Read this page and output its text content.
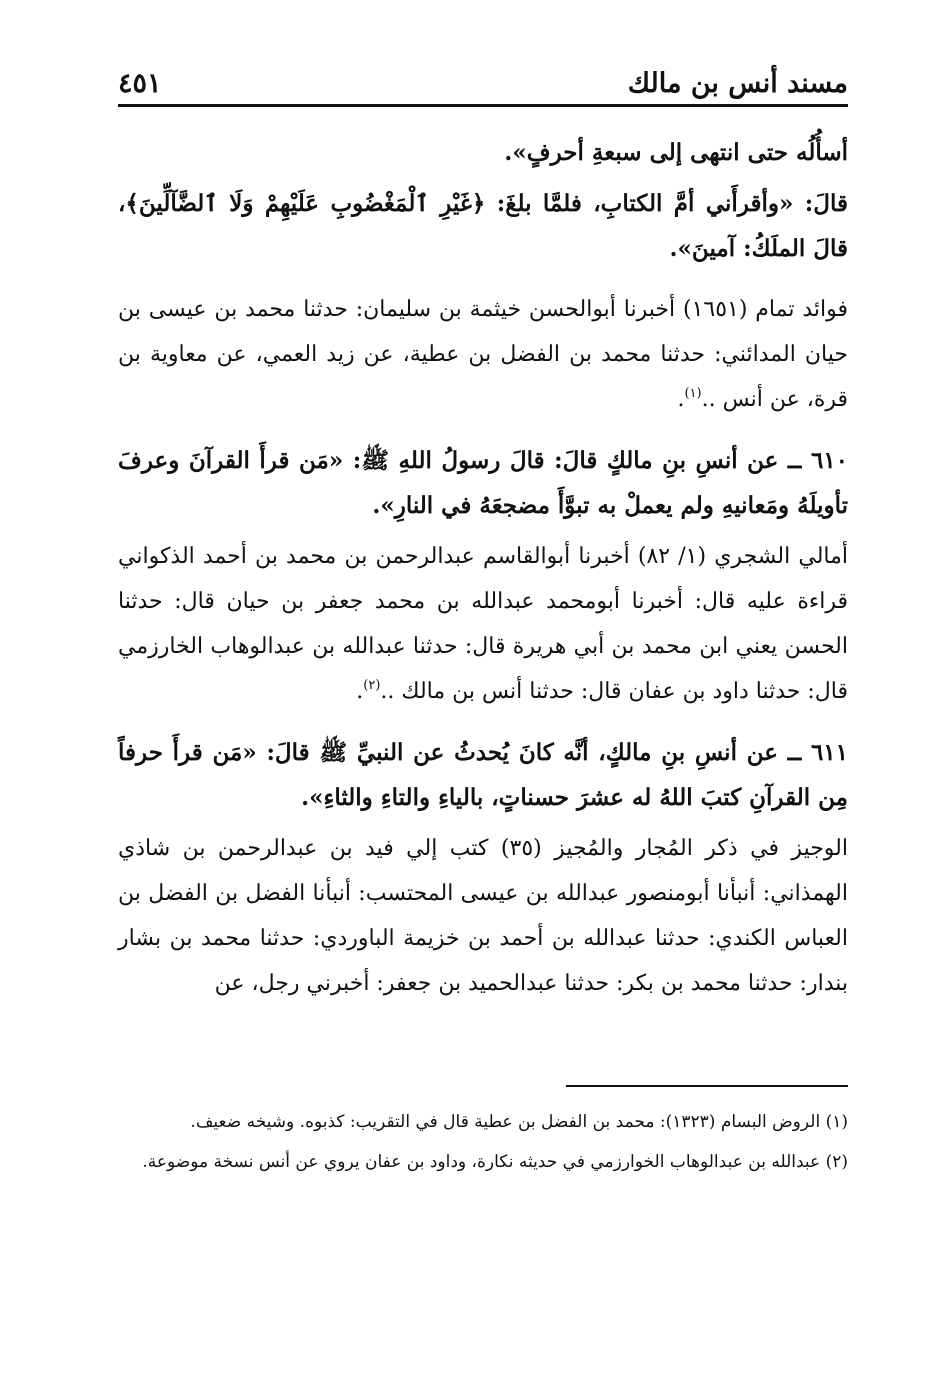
مسند أنس بن مالك
٤٥١

أسأُلُه حتى انتهى إلى سبعةِ أحرفٍ».

قالَ: «وأقرأَني أمَّ الكتابِ، فلمَّا بلغَ: ﴿غَيْرِ ٱلْمَغْضُوبِ عَلَيْهِمْ وَلَا ٱلضَّآلِّينَ﴾، قالَ الملَكُ: آمينَ».

فوائد تمام (١٦٥١) أخبرنا أبوالحسن خيثمة بن سليمان: حدثنا محمد بن عيسى بن حيان المدائني: حدثنا محمد بن الفضل بن عطية، عن زيد العمي، عن معاوية بن قرة، عن أنس ..$^{(١)}$.

٦١٠ ــ عن أنسِ بنِ مالكٍ قالَ: قالَ رسولُ اللهِ ﷺ: «مَن قرأَ القرآنَ وعرفَ تأويلَهُ ومَعانيهِ ولم يعملْ به تبوَّأَ مضجعَهُ في النارِ».

أمالي الشجري (١/ ٨٢) أخبرنا أبوالقاسم عبدالرحمن بن محمد بن أحمد الذكواني قراءة عليه قال: أخبرنا أبومحمد عبدالله بن محمد جعفر بن حيان قال: حدثنا الحسن يعني ابن محمد بن أبي هريرة قال: حدثنا عبدالله بن عبدالوهاب الخارزمي قال: حدثنا داود بن عفان قال: حدثنا أنس بن مالك ..$^{(٢)}$.

٦١١ ــ عن أنسِ بنِ مالكٍ، أنَّه كانَ يُحدثُ عن النبيِّ ﷺ قالَ: «مَن قرأَ حرفاً مِن القرآنِ كتبَ اللهُ له عشرَ حسناتٍ، بالياءِ والتاءِ والثاءِ».

الوجيز في ذكر المُجار والمُجيز (٣٥) كتب إلي فيد بن عبدالرحمن بن شاذي الهمذاني: أنبأنا أبومنصور عبدالله بن عيسى المحتسب: أنبأنا الفضل بن الفضل بن العباس الكندي: حدثنا عبدالله بن أحمد بن خزيمة الباوردي: حدثنا محمد بن بشار بندار: حدثنا محمد بن بكر: حدثنا عبدالحميد بن جعفر: أخبرني رجل، عن

(١) الروض البسام (١٣٢٣): محمد بن الفضل بن عطية قال في التقريب: كذبوه. وشيخه ضعيف.

(٢) عبدالله بن عبدالوهاب الخوارزمي في حديثه نكارة، وداود بن عفان يروي عن أنس نسخة موضوعة.
